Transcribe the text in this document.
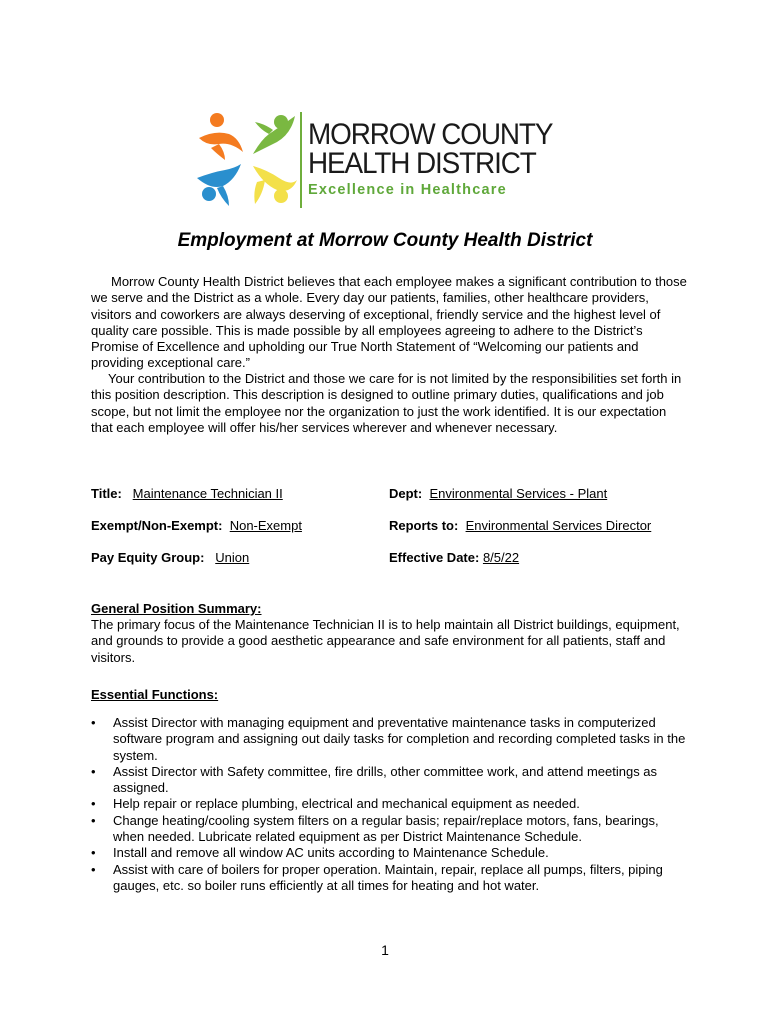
MORROW COUNTY
HEALTH DISTRICT
Excellence in Healthcare
Employment at Morrow County Health District
Morrow County Health District believes that each employee makes a significant contribution to those we serve and the District as a whole. Every day our patients, families, other healthcare providers, visitors and coworkers are always deserving of exceptional, friendly service and the highest level of quality care possible. This is made possible by all employees agreeing to adhere to the District’s Promise of Excellence and upholding our True North Statement of “Welcoming our patients and providing exceptional care.”
Your contribution to the District and those we care for is not limited by the responsibilities set forth in this position description. This description is designed to outline primary duties, qualifications and job scope, but not limit the employee nor the organization to just the work identified. It is our expectation that each employee will offer his/her services wherever and whenever necessary.
Title: Maintenance Technician II	Dept: Environmental Services - Plant
Exempt/Non-Exempt: Non-Exempt	Reports to: Environmental Services Director
Pay Equity Group: Union	Effective Date: 8/5/22
General Position Summary:
The primary focus of the Maintenance Technician II is to help maintain all District buildings, equipment, and grounds to provide a good aesthetic appearance and safe environment for all patients, staff and visitors.
Essential Functions:
• Assist Director with managing equipment and preventative maintenance tasks in computerized software program and assigning out daily tasks for completion and recording completed tasks in the system.
• Assist Director with Safety committee, fire drills, other committee work, and attend meetings as assigned.
• Help repair or replace plumbing, electrical and mechanical equipment as needed.
• Change heating/cooling system filters on a regular basis; repair/replace motors, fans, bearings, when needed. Lubricate related equipment as per District Maintenance Schedule.
• Install and remove all window AC units according to Maintenance Schedule.
• Assist with care of boilers for proper operation. Maintain, repair, replace all pumps, filters, piping gauges, etc. so boiler runs efficiently at all times for heating and hot water.
1
